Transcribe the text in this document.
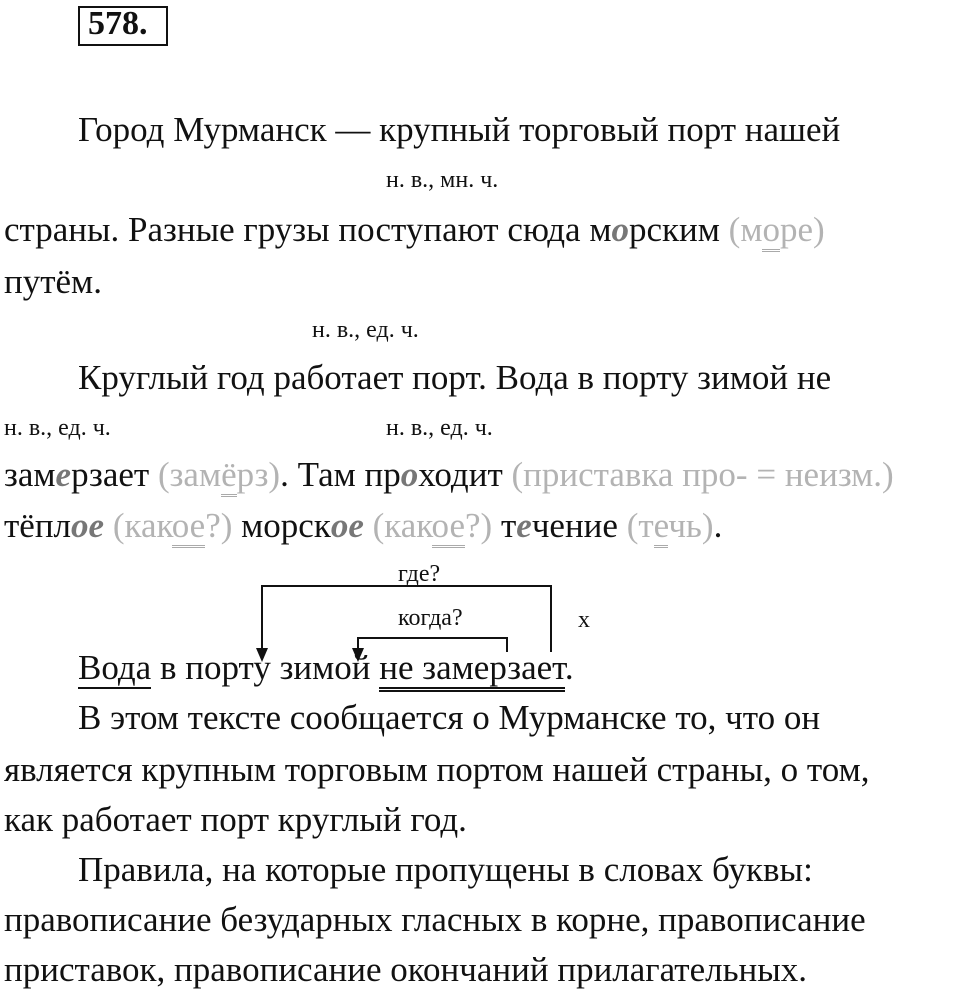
578.
Город Мурманск — крупный торговый порт нашей
н. в., мн. ч.
страны. Разные грузы поступают сюда морским (море)
путём.
н. в., ед. ч.
Круглый год работает порт. Вода в порту зимой не
н. в., ед. ч.	н. в., ед. ч.
замерзает (замёрз). Там проходит (приставка про- = неизм.)
тёплое (какое?) морское (какое?) течение (течь).
где?
когда?	x
Вода в порту зимой не замерзает.
В этом тексте сообщается о Мурманске то, что он
является крупным торговым портом нашей страны, о том,
как работает порт круглый год.
Правила, на которые пропущены в словах буквы:
правописание безударных гласных в корне, правописание
приставок, правописание окончаний прилагательных.
